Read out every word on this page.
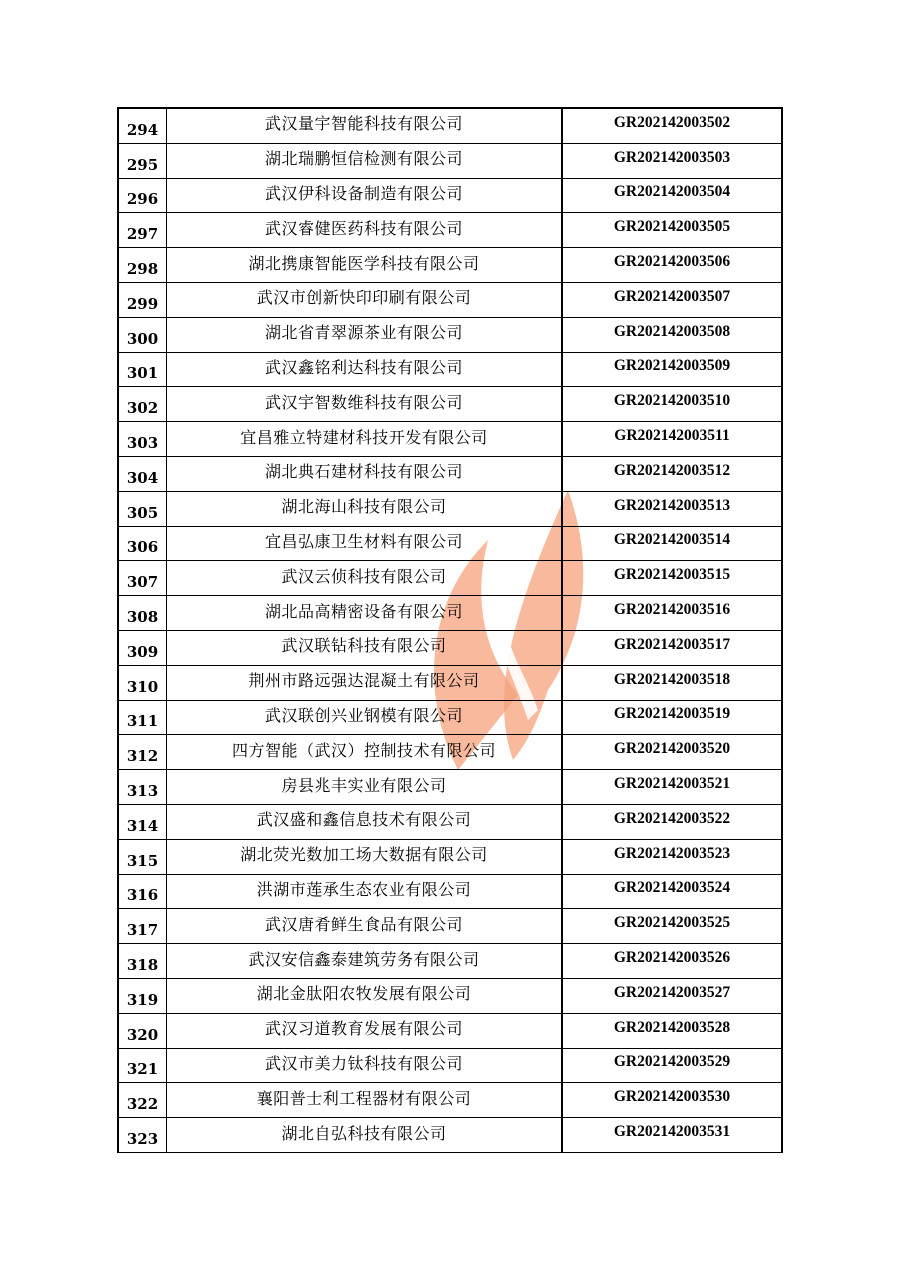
294	武汉量宇智能科技有限公司	GR202142003502
295	湖北瑞鹏恒信检测有限公司	GR202142003503
296	武汉伊科设备制造有限公司	GR202142003504
297	武汉睿健医药科技有限公司	GR202142003505
298	湖北携康智能医学科技有限公司	GR202142003506
299	武汉市创新快印印刷有限公司	GR202142003507
300	湖北省青翠源茶业有限公司	GR202142003508
301	武汉鑫铭利达科技有限公司	GR202142003509
302	武汉宇智数维科技有限公司	GR202142003510
303	宜昌雅立特建材科技开发有限公司	GR202142003511
304	湖北典石建材科技有限公司	GR202142003512
305	湖北海山科技有限公司	GR202142003513
306	宜昌弘康卫生材料有限公司	GR202142003514
307	武汉云侦科技有限公司	GR202142003515
308	湖北品高精密设备有限公司	GR202142003516
309	武汉联钻科技有限公司	GR202142003517
310	荆州市路远强达混凝土有限公司	GR202142003518
311	武汉联创兴业钢模有限公司	GR202142003519
312	四方智能（武汉）控制技术有限公司	GR202142003520
313	房县兆丰实业有限公司	GR202142003521
314	武汉盛和鑫信息技术有限公司	GR202142003522
315	湖北荧光数加工场大数据有限公司	GR202142003523
316	洪湖市莲承生态农业有限公司	GR202142003524
317	武汉唐肴鲜生食品有限公司	GR202142003525
318	武汉安信鑫泰建筑劳务有限公司	GR202142003526
319	湖北金肽阳农牧发展有限公司	GR202142003527
320	武汉习道教育发展有限公司	GR202142003528
321	武汉市美力钛科技有限公司	GR202142003529
322	襄阳普士利工程器材有限公司	GR202142003530
323	湖北自弘科技有限公司	GR202142003531
